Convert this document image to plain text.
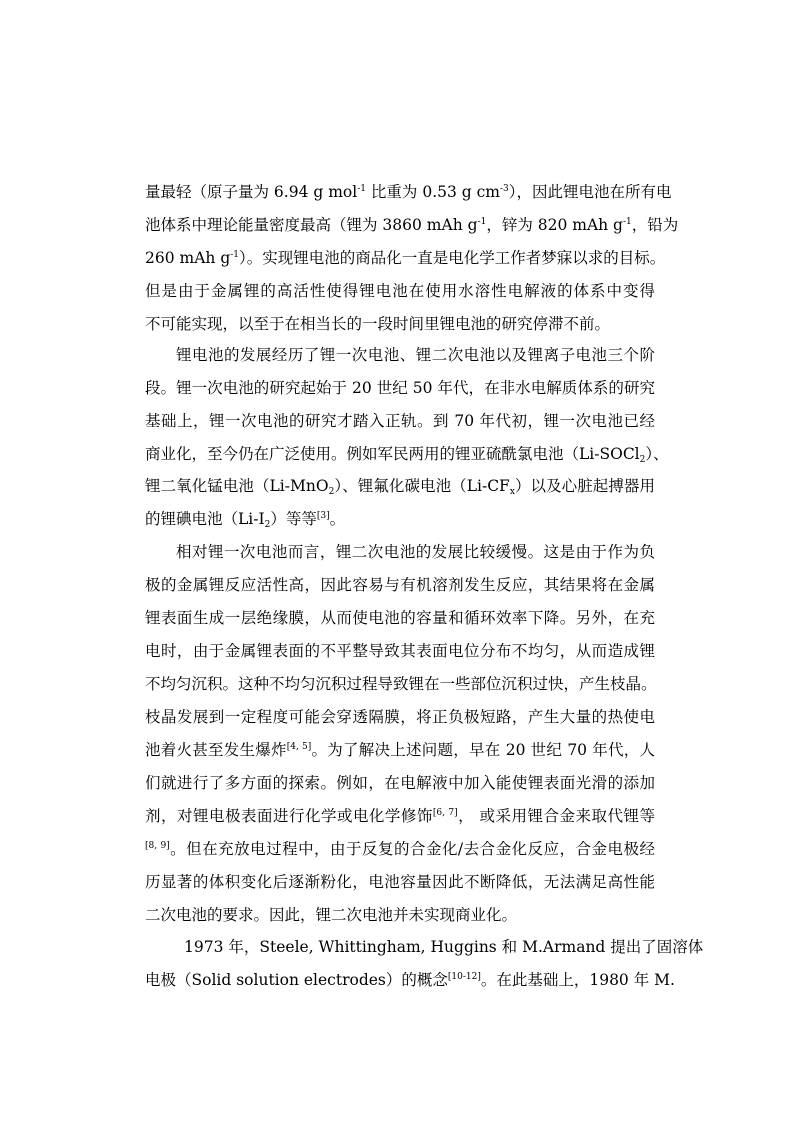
量最轻（原子量为 6.94 g mol$^{-1}$ 比重为 0.53 g $cm^{-3}$），因此锂电池在所有电
池体系中理论能量密度最高（锂为 3860 mAh $g^{-1}$，锌为 820 mAh $g^{-1}$，铅为
260 mAh $g^{-1}$）。实现锂电池的商品化一直是电化学工作者梦寐以求的目标。
但是由于金属锂的高活性使得锂电池在使用水溶性电解液的体系中变得
不可能实现，以至于在相当长的一段时间里锂电池的研究停滞不前。
锂电池的发展经历了锂一次电池、锂二次电池以及锂离子电池三个阶
段。锂一次电池的研究起始于 20 世纪 50 年代，在非水电解质体系的研究
基础上，锂一次电池的研究才踏入正轨。到 70 年代初，锂一次电池已经
商业化，至今仍在广泛使用。例如军民两用的锂亚硫酰氯电池（Li-SOCl$_2$）、
锂二氧化锰电池（Li-MnO$_2$）、锂氟化碳电池$(Li-CF_x)$以及心脏起搏器用
的锂碘电池$(Li-I_2)$等等[3]。
相对锂一次电池而言，锂二次电池的发展比较缓慢。这是由于作为负
极的金属锂反应活性高，因此容易与有机溶剂发生反应，其结果将在金属
锂表面生成一层绝缘膜，从而使电池的容量和循环效率下降。另外，在充
电时，由于金属锂表面的不平整导致其表面电位分布不均匀，从而造成锂
不均匀沉积。这种不均匀沉积过程导致锂在一些部位沉积过快，产生枝晶。
枝晶发展到一定程度可能会穿透隔膜，将正负极短路，产生大量的热使电
池着火甚至发生爆炸[4, 5]。为了解决上述问题，早在 20 世纪 70 年代，人
们就进行了多方面的探索。例如，在电解液中加入能使锂表面光滑的添加
剂，对锂电极表面进行化学或电化学修饰[6, 7]， 或采用锂合金来取代锂等
[8, 9]。但在充放电过程中，由于反复的合金化/去合金化反应，合金电极经
历显著的体积变化后逐渐粉化，电池容量因此不断降低，无法满足高性能
二次电池的要求。因此，锂二次电池并未实现商业化。
1973 年，Steele, Whittingham, Huggins 和 M.Armand 提出了固溶体
电极（Solid solution electrodes）的概念[10-12]。在此基础上，1980 年 M.
